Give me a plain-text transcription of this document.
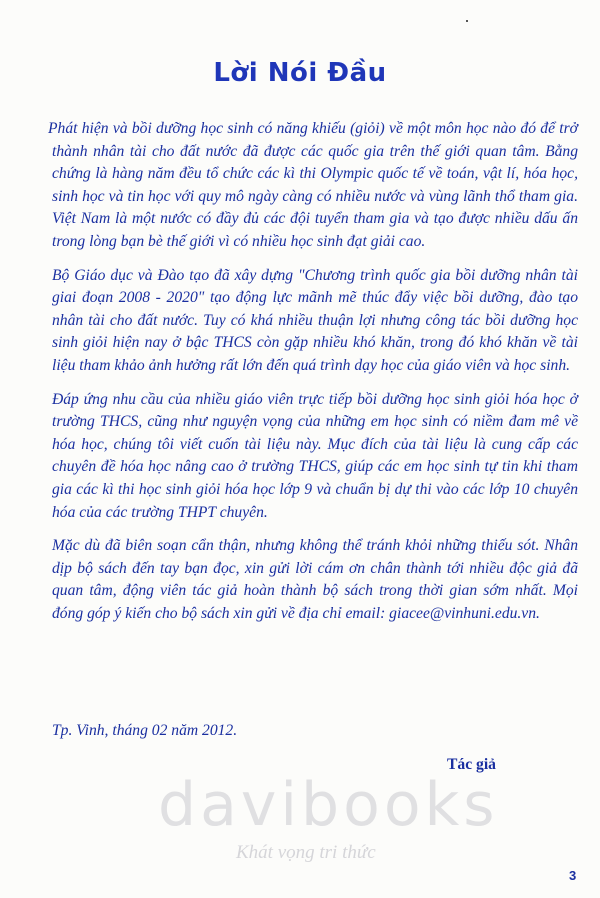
Lời Nói Đầu

Phát hiện và bồi dưỡng học sinh có năng khiếu (giỏi) về một môn học nào đó để trở thành nhân tài cho đất nước đã được các quốc gia trên thế giới quan tâm. Bằng chứng là hàng năm đều tổ chức các kì thi Olympic quốc tế về toán, vật lí, hóa học, sinh học và tin học với quy mô ngày càng có nhiều nước và vùng lãnh thổ tham gia. Việt Nam là một nước có đầy đủ các đội tuyển tham gia và tạo được nhiều dấu ấn trong lòng bạn bè thế giới vì có nhiều học sinh đạt giải cao.

Bộ Giáo dục và Đào tạo đã xây dựng "Chương trình quốc gia bồi dưỡng nhân tài giai đoạn 2008 - 2020" tạo động lực mãnh mẽ thúc đẩy việc bồi dưỡng, đào tạo nhân tài cho đất nước. Tuy có khá nhiều thuận lợi nhưng công tác bồi dưỡng học sinh giỏi hiện nay ở bậc THCS còn gặp nhiều khó khăn, trong đó khó khăn về tài liệu tham khảo ảnh hưởng rất lớn đến quá trình dạy học của giáo viên và học sinh.

Đáp ứng nhu cầu của nhiều giáo viên trực tiếp bồi dưỡng học sinh giỏi hóa học ở trường THCS, cũng như nguyện vọng của những em học sinh có niềm đam mê về hóa học, chúng tôi viết cuốn tài liệu này. Mục đích của tài liệu là cung cấp các chuyên đề hóa học nâng cao ở trường THCS, giúp các em học sinh tự tin khi tham gia các kì thi học sinh giỏi hóa học lớp 9 và chuẩn bị dự thi vào các lớp 10 chuyên hóa của các trường THPT chuyên.

Mặc dù đã biên soạn cẩn thận, nhưng không thể tránh khỏi những thiếu sót. Nhân dịp bộ sách đến tay bạn đọc, xin gửi lời cám ơn chân thành tới nhiều độc giả đã quan tâm, động viên tác giả hoàn thành bộ sách trong thời gian sớm nhất. Mọi đóng góp ý kiến cho bộ sách xin gửi về địa chỉ email: giacee@vinhuni.edu.vn.

Tp. Vinh, tháng 02 năm 2012.
Tác giả
davibooks
Khát vọng tri thức
3
